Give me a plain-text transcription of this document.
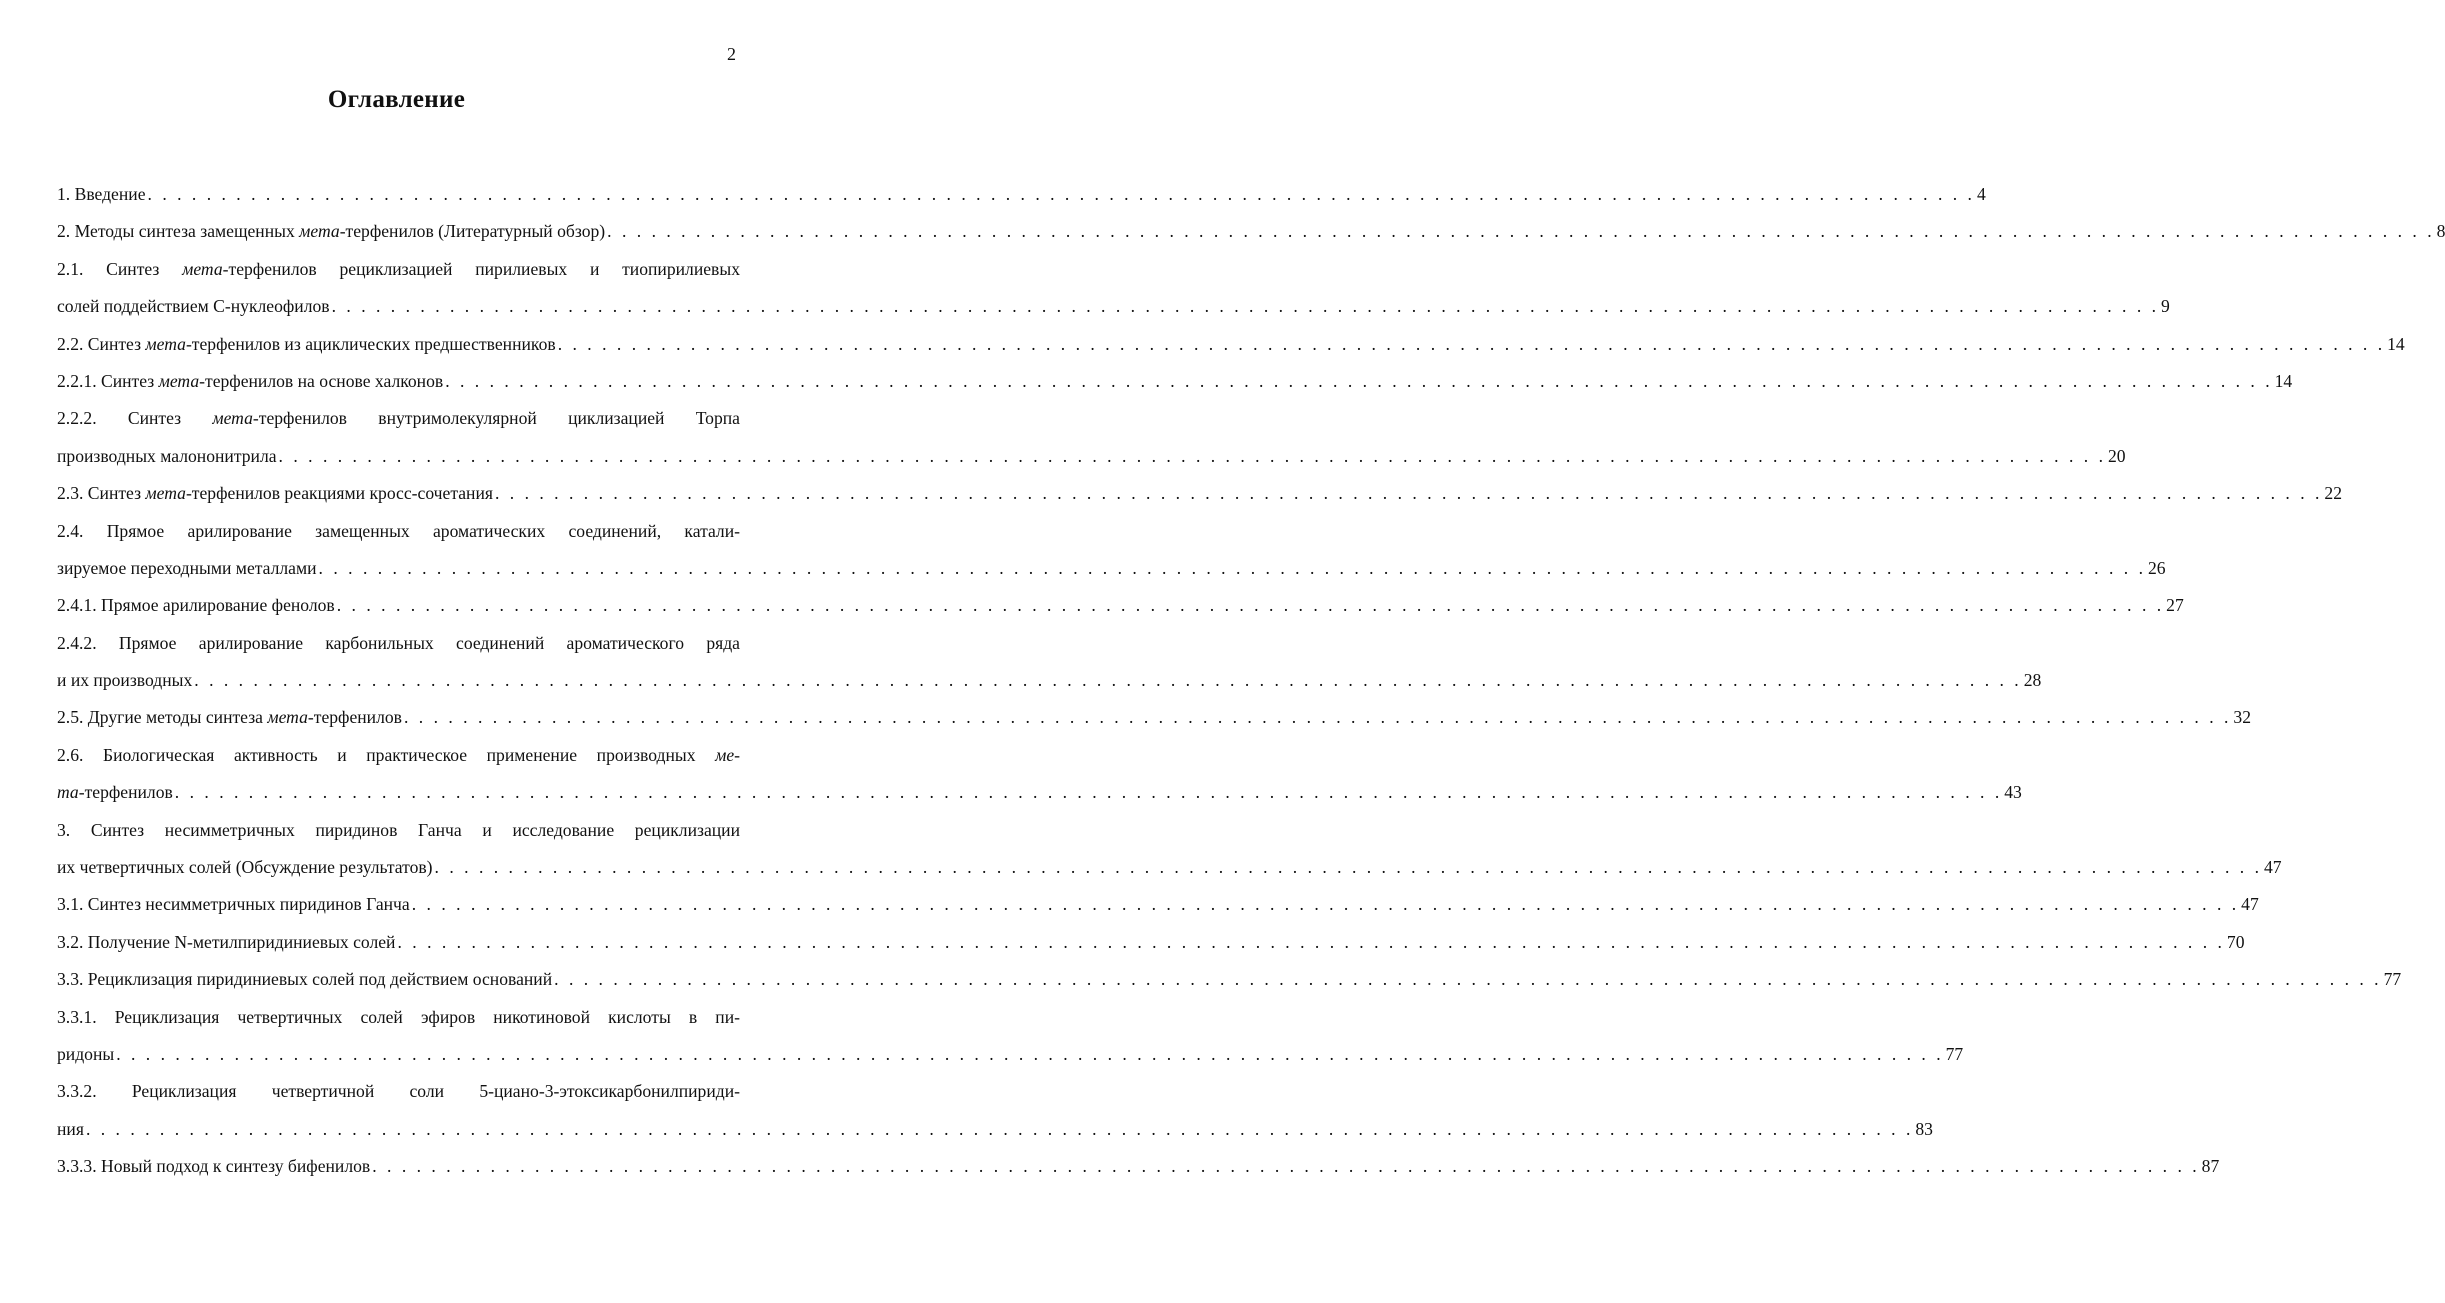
2
Оглавление
1. Введение . . . . . . . . . . . . . . . . . . . . . . . . . . . . . . . . . . . . . . . . . . . . . . . . . . . . . . . . . . . . . . . . . . . . . . . . . . . . . . . . . . . . . . . . . . . . . . . . . . . . . . . . . . . . . . . . . . . . . . . . . . . . 4
2. Методы синтеза замещенных мета-терфенилов (Литературный обзор) . . . . . . . . . . . . . . . . . . . . . . . . . . . . . . . . . . . . . . . . . . . . . . . . . . . . . . . . . . . . . . . . . . . . . . . . . . . . . . . . . . . . . . . . . . . . . . . . . . . . . . . . . . . . . . . . . . . . . . . . . . . . 8
2.1. Синтез мета-терфенилов рециклизацией пирилиевых и тиопирилиевых
солей поддействием С-нуклеофилов . . . . . . . . . . . . . . . . . . . . . . . . . . . . . . . . . . . . . . . . . . . . . . . . . . . . . . . . . . . . . . . . . . . . . . . . . . . . . . . . . . . . . . . . . . . . . . . . . . . . . . . . . . . . . . . . . . . . . . . . . . . . 9
2.2. Синтез мета-терфенилов из ациклических предшественников . . . . . . . . . . . . . . . . . . . . . . . . . . . . . . . . . . . . . . . . . . . . . . . . . . . . . . . . . . . . . . . . . . . . . . . . . . . . . . . . . . . . . . . . . . . . . . . . . . . . . . . . . . . . . . . . . . . . . . . . . . . . 14
2.2.1. Синтез мета-терфенилов на основе халконов . . . . . . . . . . . . . . . . . . . . . . . . . . . . . . . . . . . . . . . . . . . . . . . . . . . . . . . . . . . . . . . . . . . . . . . . . . . . . . . . . . . . . . . . . . . . . . . . . . . . . . . . . . . . . . . . . . . . . . . . . . . . 14
2.2.2. Синтез мета-терфенилов внутримолекулярной циклизацией Торпа
производных малононитрила . . . . . . . . . . . . . . . . . . . . . . . . . . . . . . . . . . . . . . . . . . . . . . . . . . . . . . . . . . . . . . . . . . . . . . . . . . . . . . . . . . . . . . . . . . . . . . . . . . . . . . . . . . . . . . . . . . . . . . . . . . . . 20
2.3. Синтез мета-терфенилов реакциями кросс-сочетания . . . . . . . . . . . . . . . . . . . . . . . . . . . . . . . . . . . . . . . . . . . . . . . . . . . . . . . . . . . . . . . . . . . . . . . . . . . . . . . . . . . . . . . . . . . . . . . . . . . . . . . . . . . . . . . . . . . . . . . . . . . . 22
2.4. Прямое арилирование замещенных ароматических соединений, катали-
зируемое переходными металлами . . . . . . . . . . . . . . . . . . . . . . . . . . . . . . . . . . . . . . . . . . . . . . . . . . . . . . . . . . . . . . . . . . . . . . . . . . . . . . . . . . . . . . . . . . . . . . . . . . . . . . . . . . . . . . . . . . . . . . . . . . . . 26
2.4.1. Прямое арилирование фенолов . . . . . . . . . . . . . . . . . . . . . . . . . . . . . . . . . . . . . . . . . . . . . . . . . . . . . . . . . . . . . . . . . . . . . . . . . . . . . . . . . . . . . . . . . . . . . . . . . . . . . . . . . . . . . . . . . . . . . . . . . . . . 27
2.4.2. Прямое арилирование карбонильных соединений ароматического ряда
и их производных . . . . . . . . . . . . . . . . . . . . . . . . . . . . . . . . . . . . . . . . . . . . . . . . . . . . . . . . . . . . . . . . . . . . . . . . . . . . . . . . . . . . . . . . . . . . . . . . . . . . . . . . . . . . . . . . . . . . . . . . . . . . 28
2.5. Другие методы синтеза мета-терфенилов . . . . . . . . . . . . . . . . . . . . . . . . . . . . . . . . . . . . . . . . . . . . . . . . . . . . . . . . . . . . . . . . . . . . . . . . . . . . . . . . . . . . . . . . . . . . . . . . . . . . . . . . . . . . . . . . . . . . . . . . . . . . 32
2.6. Биологическая активность и практическое применение производных ме-
та-терфенилов . . . . . . . . . . . . . . . . . . . . . . . . . . . . . . . . . . . . . . . . . . . . . . . . . . . . . . . . . . . . . . . . . . . . . . . . . . . . . . . . . . . . . . . . . . . . . . . . . . . . . . . . . . . . . . . . . . . . . . . . . . . . 43
3. Синтез несимметричных пиридинов Ганча и исследование рециклизации
их четвертичных солей (Обсуждение результатов) . . . . . . . . . . . . . . . . . . . . . . . . . . . . . . . . . . . . . . . . . . . . . . . . . . . . . . . . . . . . . . . . . . . . . . . . . . . . . . . . . . . . . . . . . . . . . . . . . . . . . . . . . . . . . . . . . . . . . . . . . . . . 47
3.1. Синтез несимметричных пиридинов Ганча . . . . . . . . . . . . . . . . . . . . . . . . . . . . . . . . . . . . . . . . . . . . . . . . . . . . . . . . . . . . . . . . . . . . . . . . . . . . . . . . . . . . . . . . . . . . . . . . . . . . . . . . . . . . . . . . . . . . . . . . . . . . 47
3.2. Получение N-метилпиридиниевых солей . . . . . . . . . . . . . . . . . . . . . . . . . . . . . . . . . . . . . . . . . . . . . . . . . . . . . . . . . . . . . . . . . . . . . . . . . . . . . . . . . . . . . . . . . . . . . . . . . . . . . . . . . . . . . . . . . . . . . . . . . . . . 70
3.3. Рециклизация пиридиниевых солей под действием оснований . . . . . . . . . . . . . . . . . . . . . . . . . . . . . . . . . . . . . . . . . . . . . . . . . . . . . . . . . . . . . . . . . . . . . . . . . . . . . . . . . . . . . . . . . . . . . . . . . . . . . . . . . . . . . . . . . . . . . . . . . . . . 77
3.3.1. Рециклизация четвертичных солей эфиров никотиновой кислоты в пи-
ридоны . . . . . . . . . . . . . . . . . . . . . . . . . . . . . . . . . . . . . . . . . . . . . . . . . . . . . . . . . . . . . . . . . . . . . . . . . . . . . . . . . . . . . . . . . . . . . . . . . . . . . . . . . . . . . . . . . . . . . . . . . . . . 77
3.3.2. Рециклизация четвертичной соли 5-циано-3-этоксикарбонилпириди-
ния . . . . . . . . . . . . . . . . . . . . . . . . . . . . . . . . . . . . . . . . . . . . . . . . . . . . . . . . . . . . . . . . . . . . . . . . . . . . . . . . . . . . . . . . . . . . . . . . . . . . . . . . . . . . . . . . . . . . . . . . . . . . 83
3.3.3. Новый подход к синтезу бифенилов . . . . . . . . . . . . . . . . . . . . . . . . . . . . . . . . . . . . . . . . . . . . . . . . . . . . . . . . . . . . . . . . . . . . . . . . . . . . . . . . . . . . . . . . . . . . . . . . . . . . . . . . . . . . . . . . . . . . . . . . . . . . 87
